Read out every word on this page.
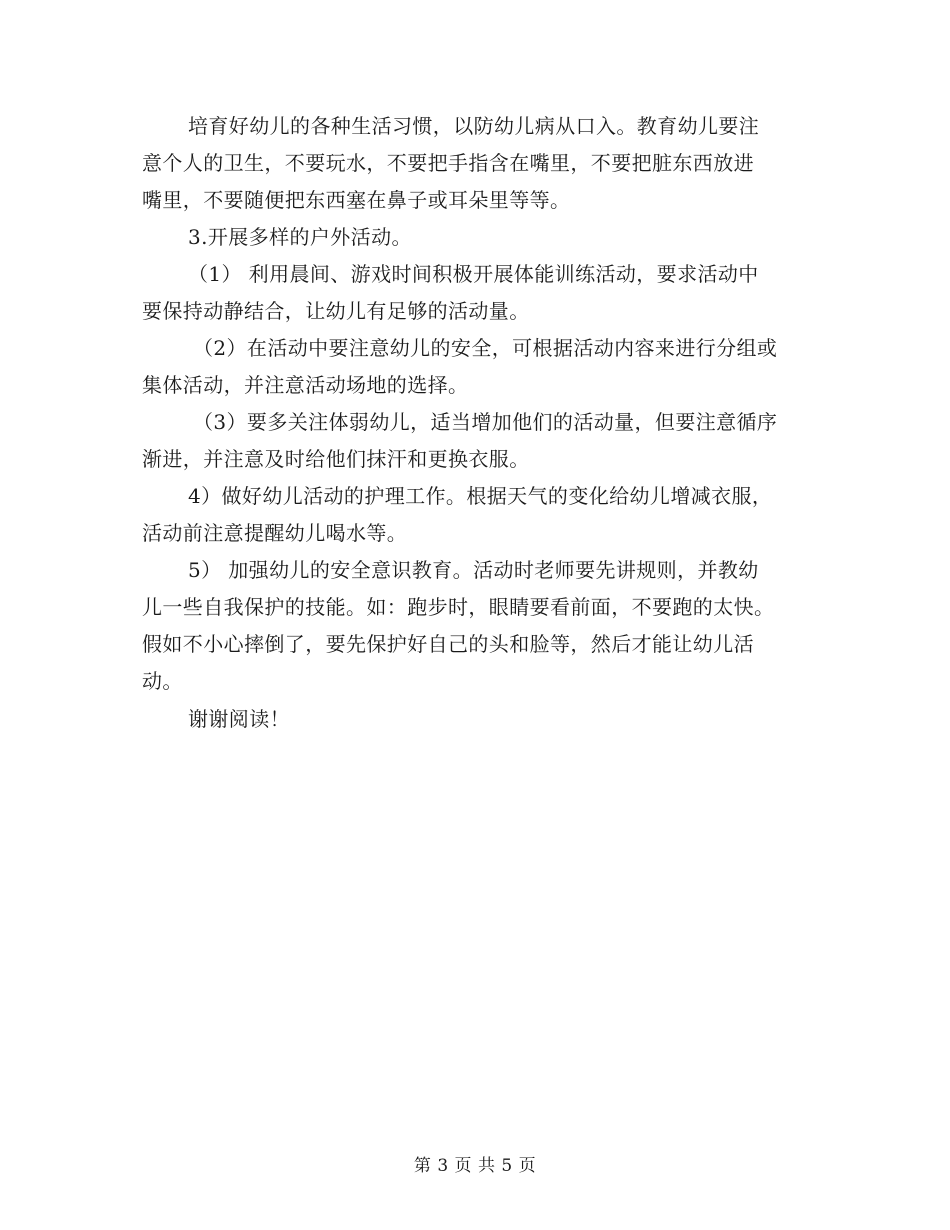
培育好幼儿的各种生活习惯，以防幼儿病从口入。教育幼儿要注
意个人的卫生，不要玩水，不要把手指含在嘴里，不要把脏东西放进
嘴里，不要随便把东西塞在鼻子或耳朵里等等。
3.开展多样的户外活动。
（1） 利用晨间、游戏时间积极开展体能训练活动，要求活动中
要保持动静结合，让幼儿有足够的活动量。
（2）在活动中要注意幼儿的安全，可根据活动内容来进行分组或
集体活动，并注意活动场地的选择。
（3）要多关注体弱幼儿，适当增加他们的活动量，但要注意循序
渐进，并注意及时给他们抹汗和更换衣服。
4）做好幼儿活动的护理工作。根据天气的变化给幼儿增减衣服，
活动前注意提醒幼儿喝水等。
5） 加强幼儿的安全意识教育。活动时老师要先讲规则，并教幼
儿一些自我保护的技能。如：跑步时，眼睛要看前面，不要跑的太快。
假如不小心摔倒了，要先保护好自己的头和脸等，然后才能让幼儿活
动。
谢谢阅读！
第 3 页 共 5 页
